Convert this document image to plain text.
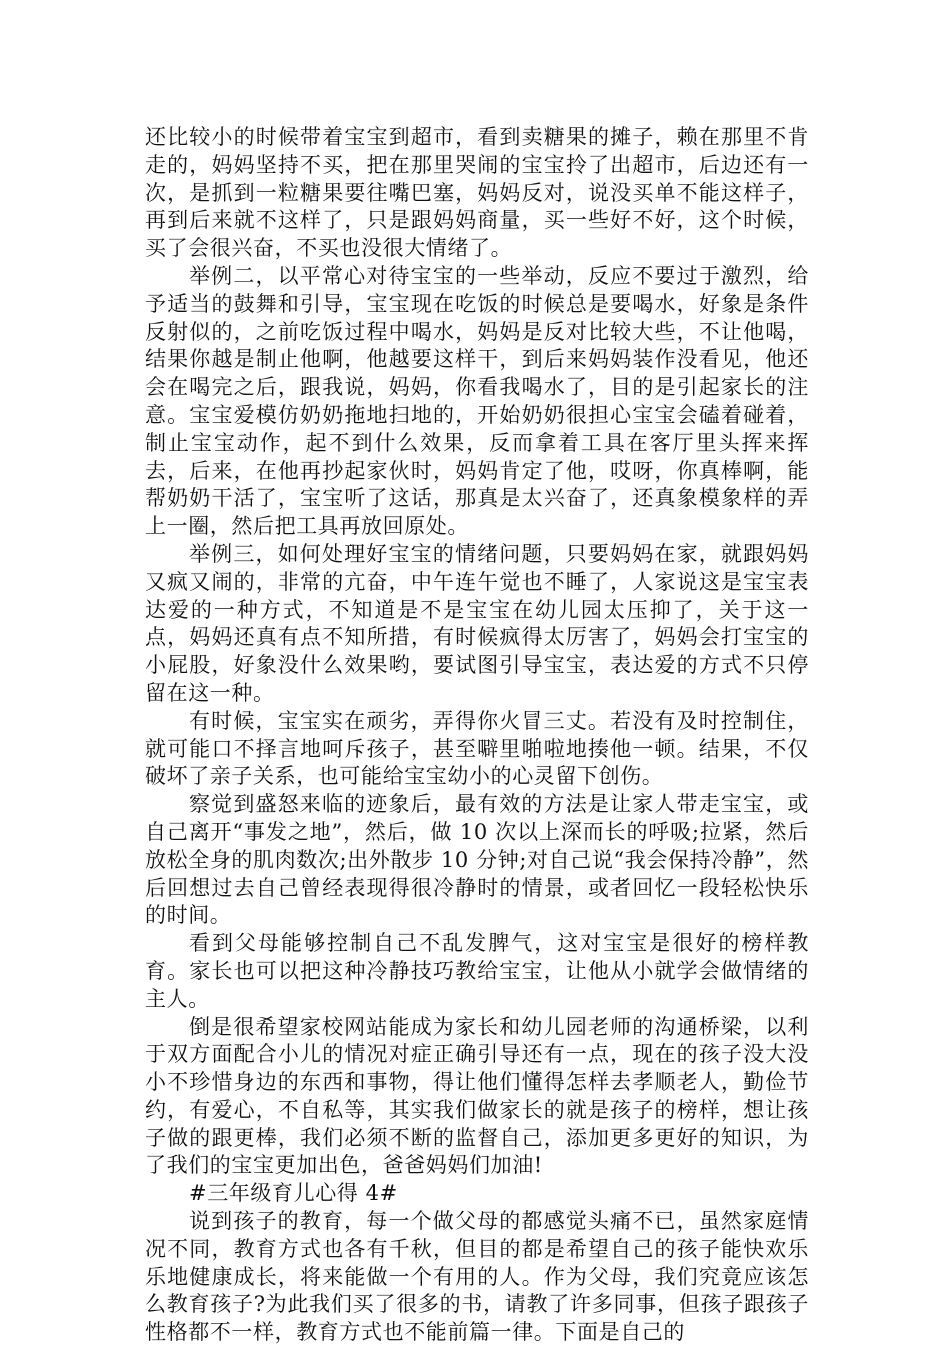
还比较小的时候带着宝宝到超市，看到卖糖果的摊子，赖在那里不肯走的，妈妈坚持不买，把在那里哭闹的宝宝拎了出超市，后边还有一次，是抓到一粒糖果要往嘴巴塞，妈妈反对，说没买单不能这样子，再到后来就不这样了，只是跟妈妈商量，买一些好不好，这个时候，买了会很兴奋，不买也没很大情绪了。

举例二，以平常心对待宝宝的一些举动，反应不要过于激烈，给予适当的鼓舞和引导，宝宝现在吃饭的时候总是要喝水，好象是条件反射似的，之前吃饭过程中喝水，妈妈是反对比较大些，不让他喝，结果你越是制止他啊，他越要这样干，到后来妈妈装作没看见，他还会在喝完之后，跟我说，妈妈，你看我喝水了，目的是引起家长的注意。宝宝爱模仿奶奶拖地扫地的，开始奶奶很担心宝宝会磕着碰着，制止宝宝动作，起不到什么效果，反而拿着工具在客厅里头挥来挥去，后来，在他再抄起家伙时，妈妈肯定了他，哎呀，你真棒啊，能帮奶奶干活了，宝宝听了这话，那真是太兴奋了，还真象模象样的弄上一圈，然后把工具再放回原处。

举例三，如何处理好宝宝的情绪问题，只要妈妈在家，就跟妈妈又疯又闹的，非常的亢奋，中午连午觉也不睡了，人家说这是宝宝表达爱的一种方式，不知道是不是宝宝在幼儿园太压抑了，关于这一点，妈妈还真有点不知所措，有时候疯得太厉害了，妈妈会打宝宝的小屁股，好象没什么效果哟，要试图引导宝宝，表达爱的方式不只停留在这一种。

有时候，宝宝实在顽劣，弄得你火冒三丈。若没有及时控制住，就可能口不择言地呵斥孩子，甚至噼里啪啦地揍他一顿。结果，不仅破坏了亲子关系，也可能给宝宝幼小的心灵留下创伤。

察觉到盛怒来临的迹象后，最有效的方法是让家人带走宝宝，或自己离开“事发之地”，然后，做 10 次以上深而长的呼吸;拉紧，然后放松全身的肌肉数次;出外散步 10 分钟;对自己说“我会保持冷静”，然后回想过去自己曾经表现得很冷静时的情景，或者回忆一段轻松快乐的时间。

看到父母能够控制自己不乱发脾气，这对宝宝是很好的榜样教育。家长也可以把这种冷静技巧教给宝宝，让他从小就学会做情绪的主人。

倒是很希望家校网站能成为家长和幼儿园老师的沟通桥梁，以利于双方面配合小儿的情况对症正确引导还有一点，现在的孩子没大没小不珍惜身边的东西和事物，得让他们懂得怎样去孝顺老人，勤俭节约，有爱心，不自私等，其实我们做家长的就是孩子的榜样，想让孩子做的跟更棒，我们必须不断的监督自己，添加更多更好的知识，为了我们的宝宝更加出色，爸爸妈妈们加油!

#三年级育儿心得 4#

说到孩子的教育，每一个做父母的都感觉头痛不已，虽然家庭情况不同，教育方式也各有千秋，但目的都是希望自己的孩子能快欢乐乐地健康成长，将来能做一个有用的人。作为父母，我们究竟应该怎么教育孩子?为此我们买了很多的书，请教了许多同事，但孩子跟孩子性格都不一样，教育方式也不能前篇一律。下面是自己的
